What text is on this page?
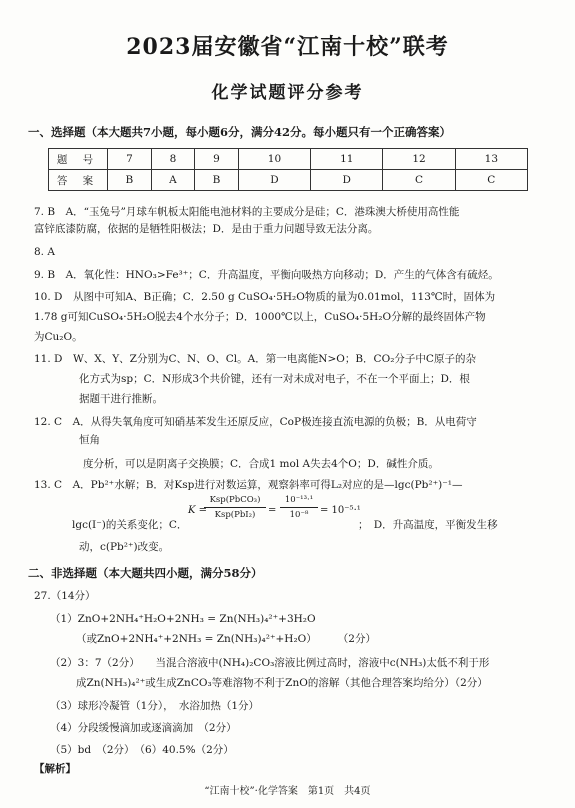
2023届安徽省“江南十校”联考
化学试题评分参考
一、选择题（本大题共7小题，每小题6分，满分42分。每小题只有一个正确答案）
题 号	7	8	9	10	11	12	13
答 案	B	A	B	D	D	C	C
7. B　A．“玉兔号”月球车帆板太阳能电池材料的主要成分是硅；C．港珠澳大桥使用高性能
富锌底漆防腐，依据的是牺牲阳极法；D．是由于重力问题导致无法分离。
8. A
9. B　A．氧化性：HNO₃>Fe³⁺；C．升高温度，平衡向吸热方向移动；D．产生的气体含有硫烃。
10. D　从图中可知A、B正确；C．2.50 g CuSO₄·5H₂O物质的量为0.01mol，113℃时，固体为
1.78 g可知CuSO₄·5H₂O脱去4个水分子；D．1000℃以上，CuSO₄·5H₂O分解的最终固体产物
为Cu₂O。
11. D　W、X、Y、Z分别为C、N、O、Cl。A．第一电离能N>O；B．CO₂分子中C原子的杂
化方式为sp；C．N形成3个共价键，还有一对未成对电子，不在一个平面上；D．根
据题干进行推断。
12. C　A．从得失氧角度可知硝基苯发生还原反应，CoP极连接直流电源的负极；B．从电荷守
恒角
度分析，可以是阴离子交换膜；C．合成1 mol A失去4个O；D．碱性介质。
13. C　A．Pb²⁺水解；B．对Ksp进行对数运算，观察斜率可得L₂对应的是—lgc(Pb²⁺)⁻¹—
lgc(Ⅰ⁻)的关系变化；C．
K =
Ksp(PbCO₃)
Ksp(PbI₂)	=
10⁻¹³·¹
10⁻⁸	= 10⁻⁵·¹
；　D．升高温度，平衡发生移
动，c(Pb²⁺)改变。
二、非选择题（本大题共四小题，满分58分）
27.（14分）
（1）ZnO+2NH₄⁺H₂O+2NH₃ = Zn(NH₃)₄²⁺+3H₂O
（或ZnO+2NH₄⁺+2NH₃ = Zn(NH₃)₄²⁺+H₂O）　　　（2分）
（2）3：7（2分）　　当混合溶液中(NH₄)₂CO₃溶液比例过高时，溶液中c(NH₃)太低不利于形
成Zn(NH₃)₄²⁺或生成ZnCO₃等难溶物不利于ZnO的溶解（其他合理答案均给分）（2分）
（3）球形冷凝管（1分），　水浴加热（1分）
（4）分段缓慢滴加或逐滴滴加　（2分）
（5）bd　（2分）　（6）40.5%（2分）
【解析】
“江南十校”·化学答案　第1页　共4页
